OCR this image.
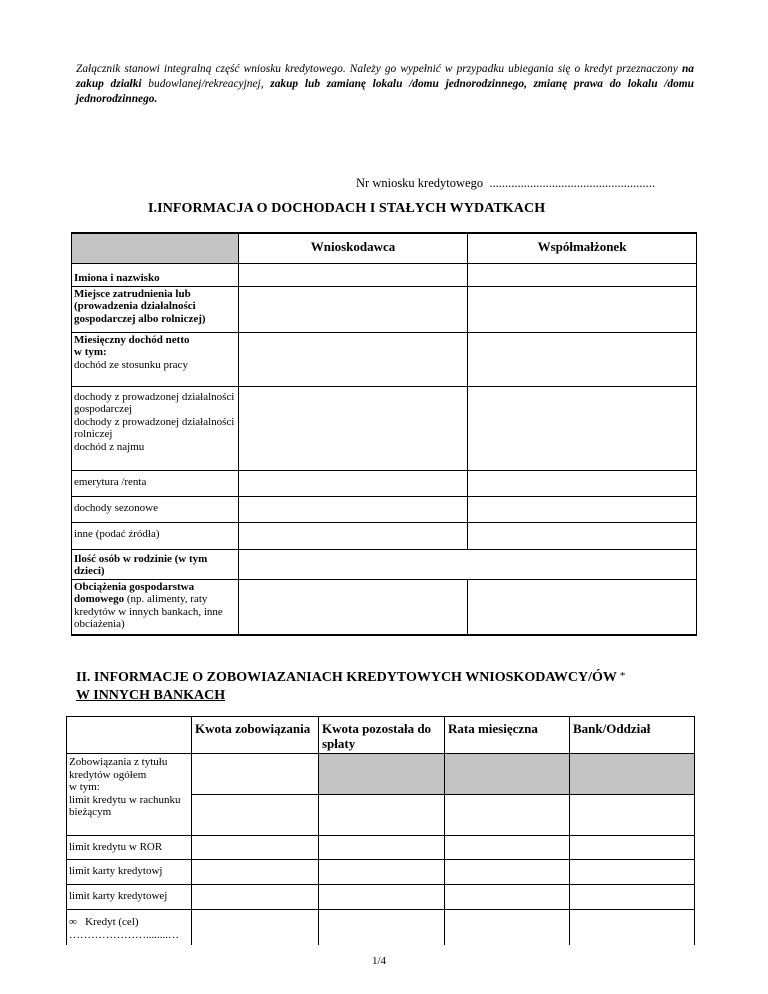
Załącznik stanowi integralną część wniosku kredytowego. Należy go wypełnić w przypadku ubiegania się o kredyt przeznaczony na zakup działki budowlanej/rekreacyjnej, zakup lub zamianę lokalu /domu jednorodzinnego, zmianę prawa do lokalu /domu jednorodzinnego.
Nr wniosku kredytowego .....................................................
I.INFORMACJA O DOCHODACH I STAŁYCH WYDATKACH
	Wnioskodawca	Współmałżonek
Imiona i nazwisko		
Miejsce zatrudnienia lub (prowadzenia działalności gospodarczej albo rolniczej)		

Miesięczny dochód netto
w tym:
dochód ze stosunku pracy		

dochody z prowadzonej działalności gospodarczej
dochody z prowadzonej działalności rolniczej
dochód z najmu		

emerytura /renta		
dochody sezonowe		
inne (podać źródła)		
Ilość osób w rodzinie (w tym dzieci)		
Obciążenia gospodarstwa domowego (np. alimenty, raty kredytów w innych bankach, inne obciażenia)		
II. INFORMACJE O ZOBOWIAZANIACH KREDYTOWYCH WNIOSKODAWCY/ÓW *
W INNYCH BANKACH
	Kwota zobowiązania	Kwota pozostała do spłaty	Rata miesięczna	Bank/Oddział

Zobowiązania z tytułu kredytów ogółem
w tym:
limit kredytu w rachunku bieżącym				

limit kredytu w ROR				
limit karty kredytowj				
limit karty kredytowej				

∞ Kredyt (cel)
…………………........…				

1/4
